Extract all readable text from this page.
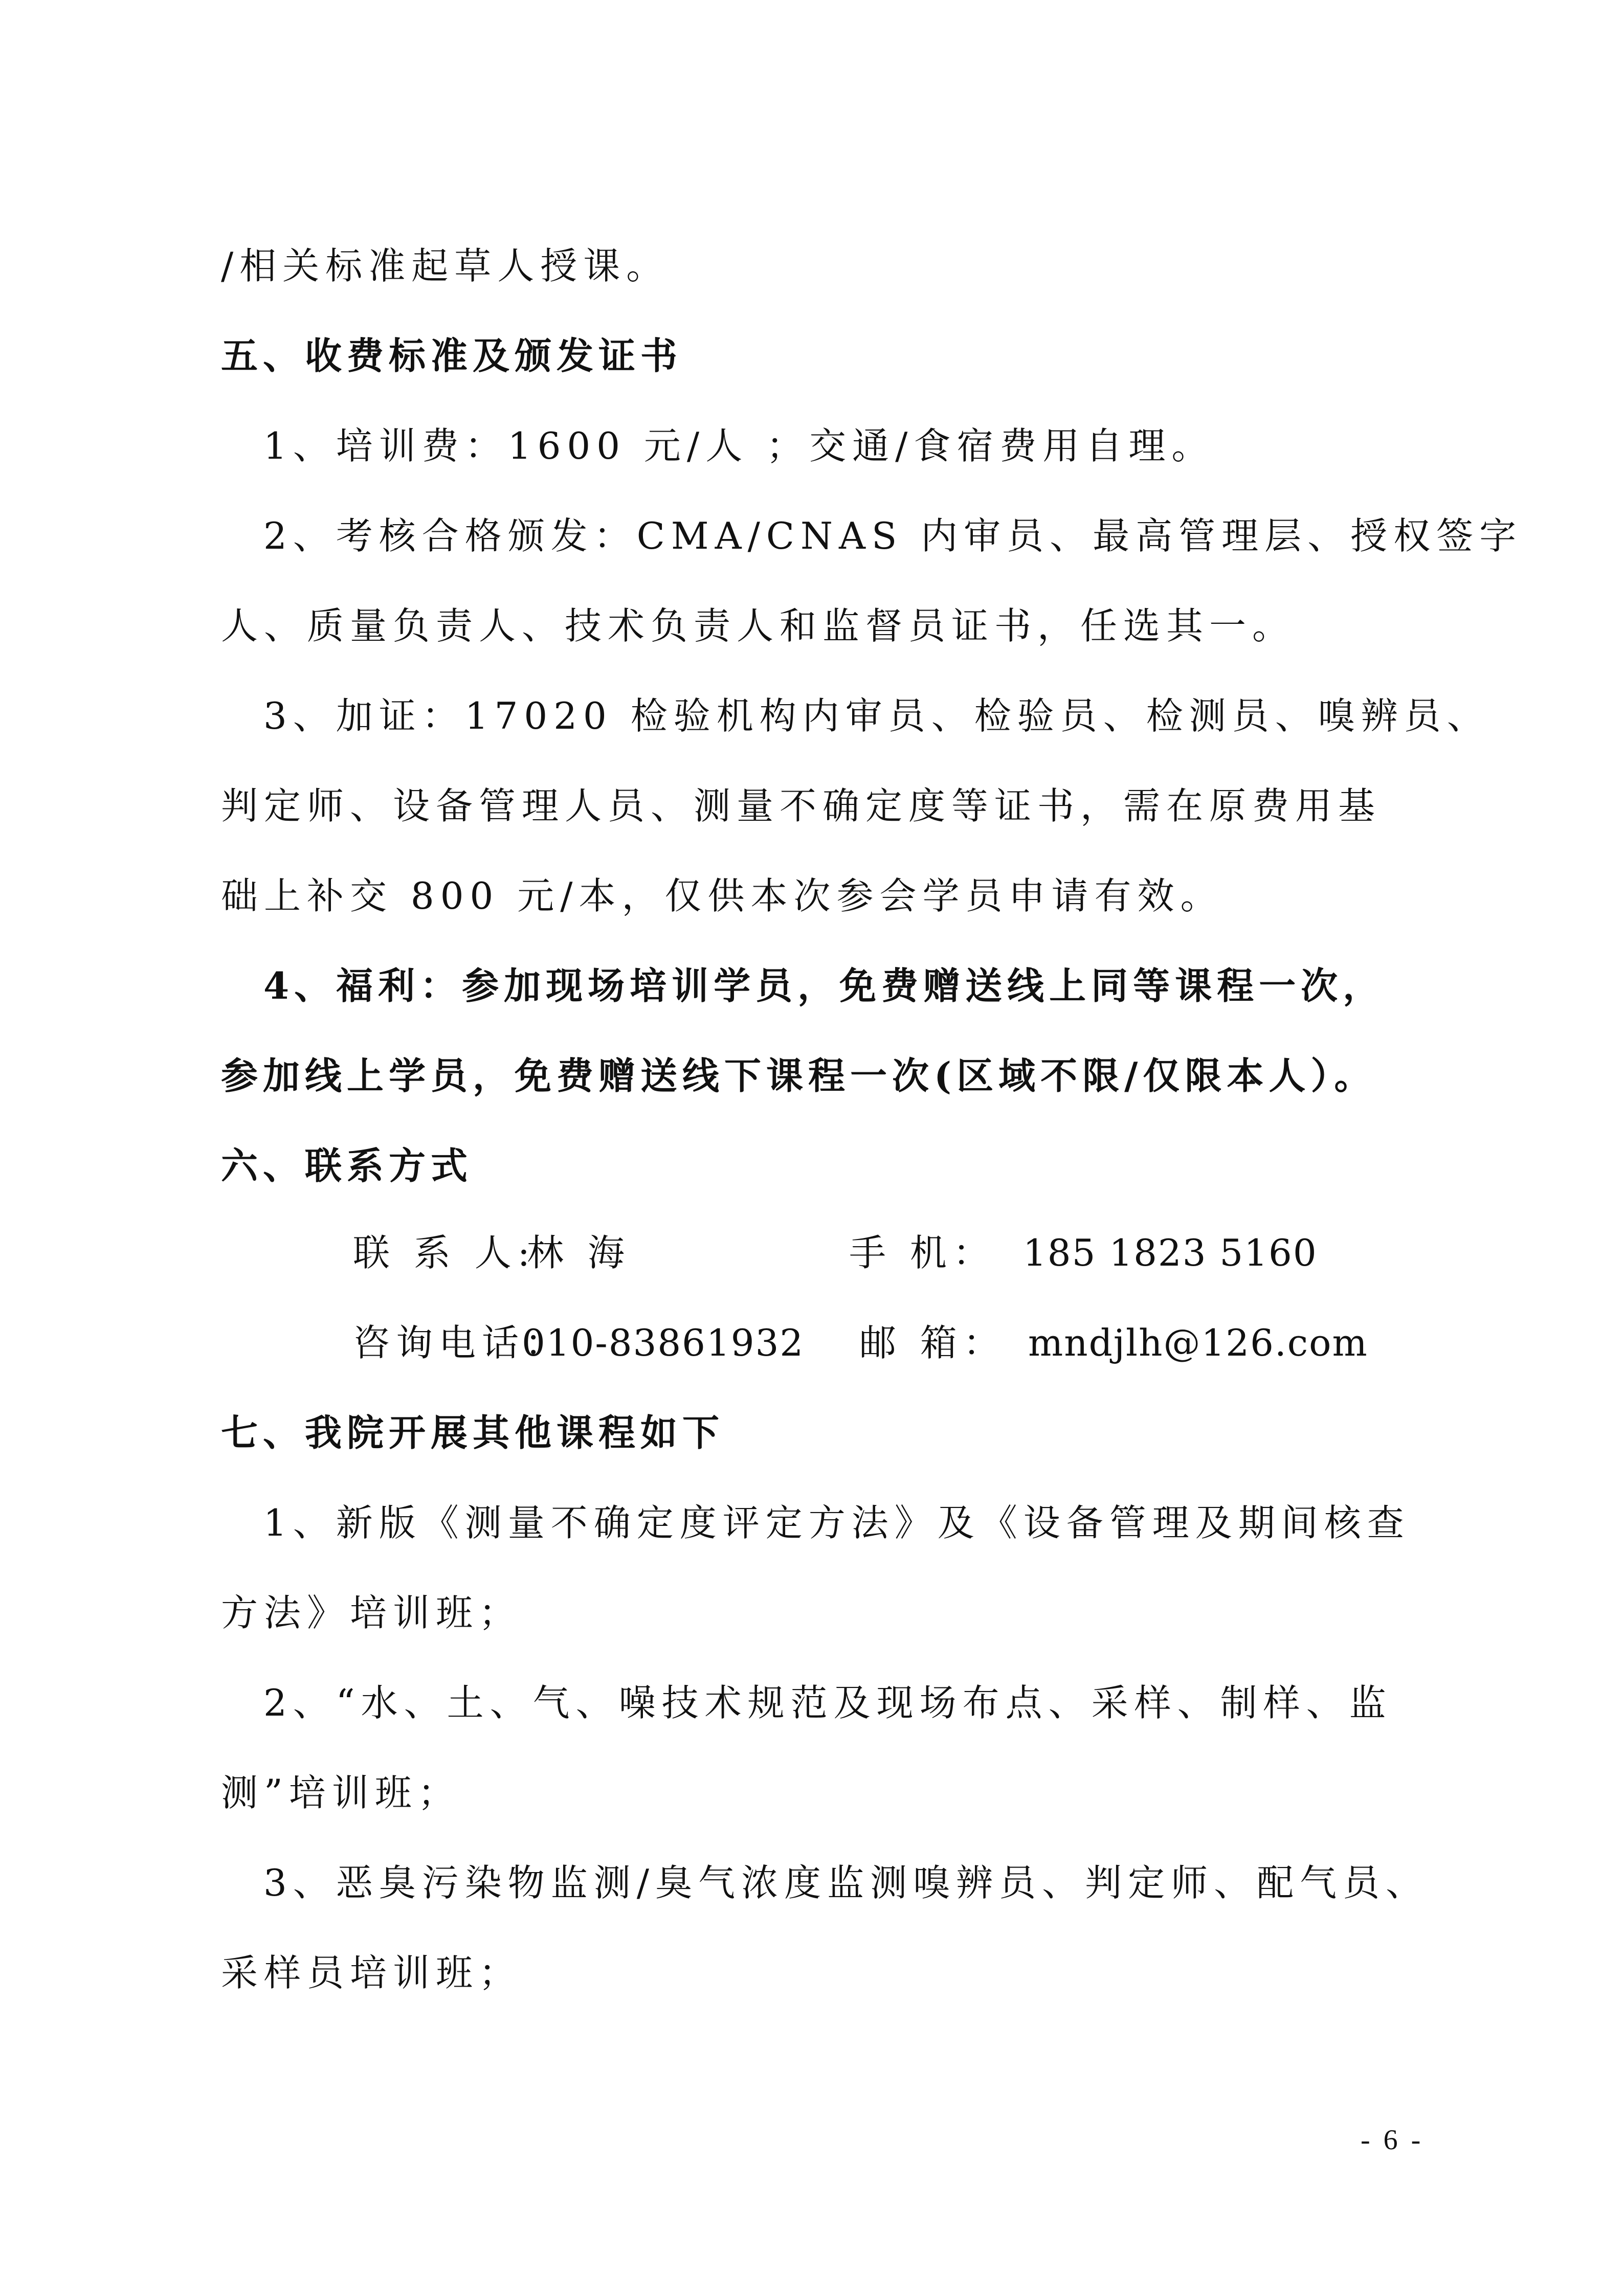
/相关标准起草人授课。
五、收费标准及颁发证书
1、培训费：1600 元/人 ；交通/食宿费用自理。
2、考核合格颁发：CMA/CNAS 内审员、最高管理层、授权签字
人、质量负责人、技术负责人和监督员证书，任选其一。
3、加证：17020 检验机构内审员、检验员、检测员、嗅辨员、
判定师、设备管理人员、测量不确定度等证书，需在原费用基
础上补交 800 元/本，仅供本次参会学员申请有效。
4、福利：参加现场培训学员，免费赠送线上同等课程一次，
参加线上学员，免费赠送线下课程一次(区域不限/仅限本人）。
六、联系方式
联 系 人:
林 海	手 机： 185 1823 5160
咨询电话：
010-83861932 邮 箱： mndjlh@126.com
七、我院开展其他课程如下
1、新版《测量不确定度评定方法》及《设备管理及期间核查
方法》培训班；
2、“水、土、气、噪技术规范及现场布点、采样、制样、监
测”培训班；
3、恶臭污染物监测/臭气浓度监测嗅辨员、判定师、配气员、
采样员培训班；
- 6 -
